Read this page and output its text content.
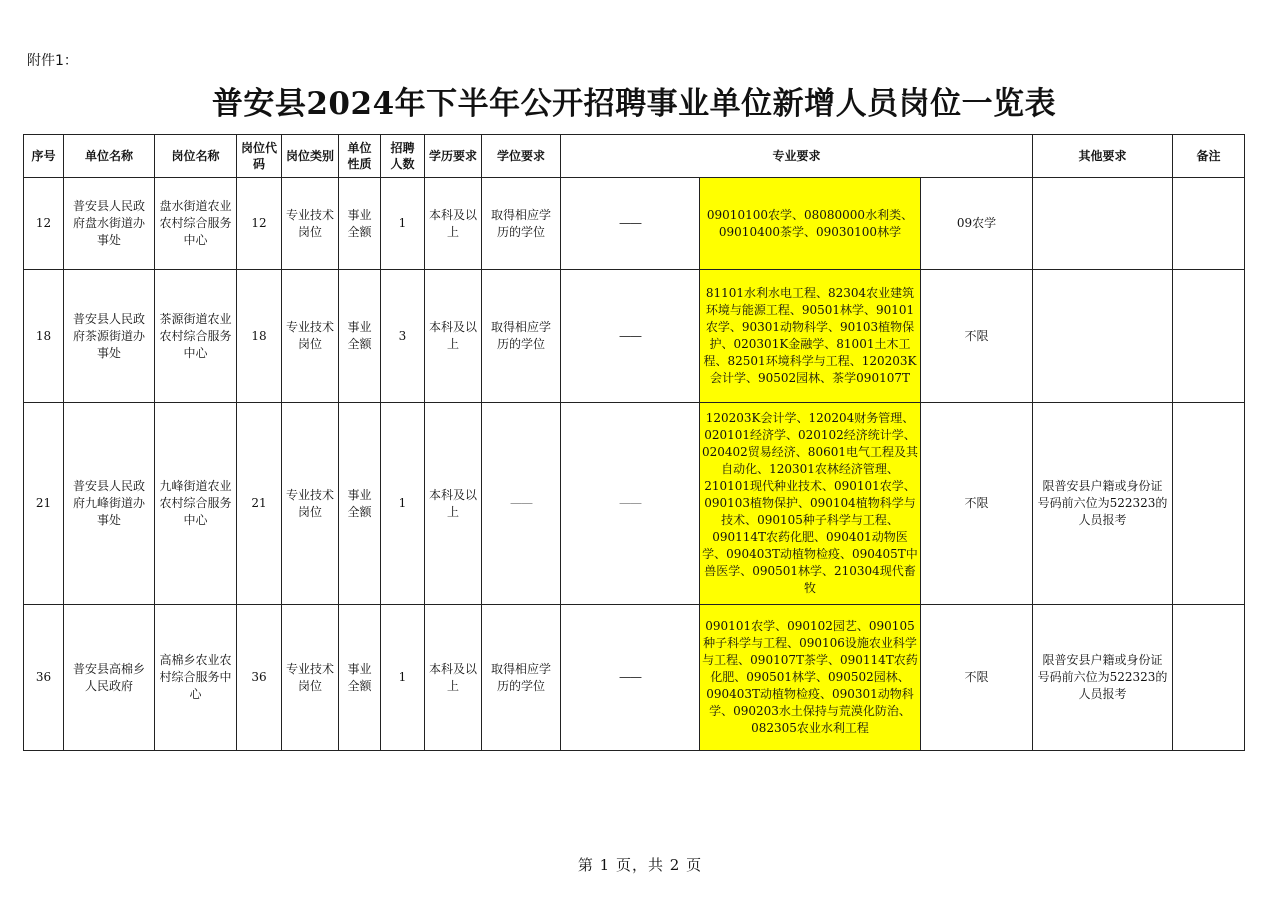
附件1：
普安县2024年下半年公开招聘事业单位新增人员岗位一览表
序号	单位名称	岗位名称	岗位代码	岗位类别	单位性质	招聘人数	学历要求	学位要求	专业要求			其他要求	备注
12	普安县人民政府盘水街道办事处	盘水街道农业农村综合服务中心	12	专业技术岗位	事业全额	1	本科及以上	取得相应学历的学位	——	09010100农学、08080000水利类、09010400茶学、09030100林学	09农学		
18	普安县人民政府茶源街道办事处	茶源街道农业农村综合服务中心	18	专业技术岗位	事业全额	3	本科及以上	取得相应学历的学位	——	81101水利水电工程、82304农业建筑环境与能源工程、90501林学、90101农学、90301动物科学、90103植物保护、020301K金融学、81001土木工程、82501环境科学与工程、120203K会计学、90502园林、茶学090107T	不限		
21	普安县人民政府九峰街道办事处	九峰街道农业农村综合服务中心	21	专业技术岗位	事业全额	1	本科及以上	——	——	120203K会计学、120204财务管理、020101经济学、020102经济统计学、020402贸易经济、80601电气工程及其自动化、120301农林经济管理、210101现代种业技术、090101农学、090103植物保护、090104植物科学与技术、090105种子科学与工程、090114T农药化肥、090401动物医学、090403T动植物检疫、090405T中兽医学、090501林学、210304现代畜牧	不限	限普安县户籍或身份证号码前六位为522323的人员报考	
36	普安县高棉乡人民政府	高棉乡农业农村综合服务中心	36	专业技术岗位	事业全额	1	本科及以上	取得相应学历的学位	——	090101农学、090102园艺、090105种子科学与工程、090106设施农业科学与工程、090107T茶学、090114T农药化肥、090501林学、090502园林、090403T动植物检疫、090301动物科学、090203水土保持与荒漠化防治、082305农业水利工程	不限	限普安县户籍或身份证号码前六位为522323的人员报考	
第 1 页，共 2 页
